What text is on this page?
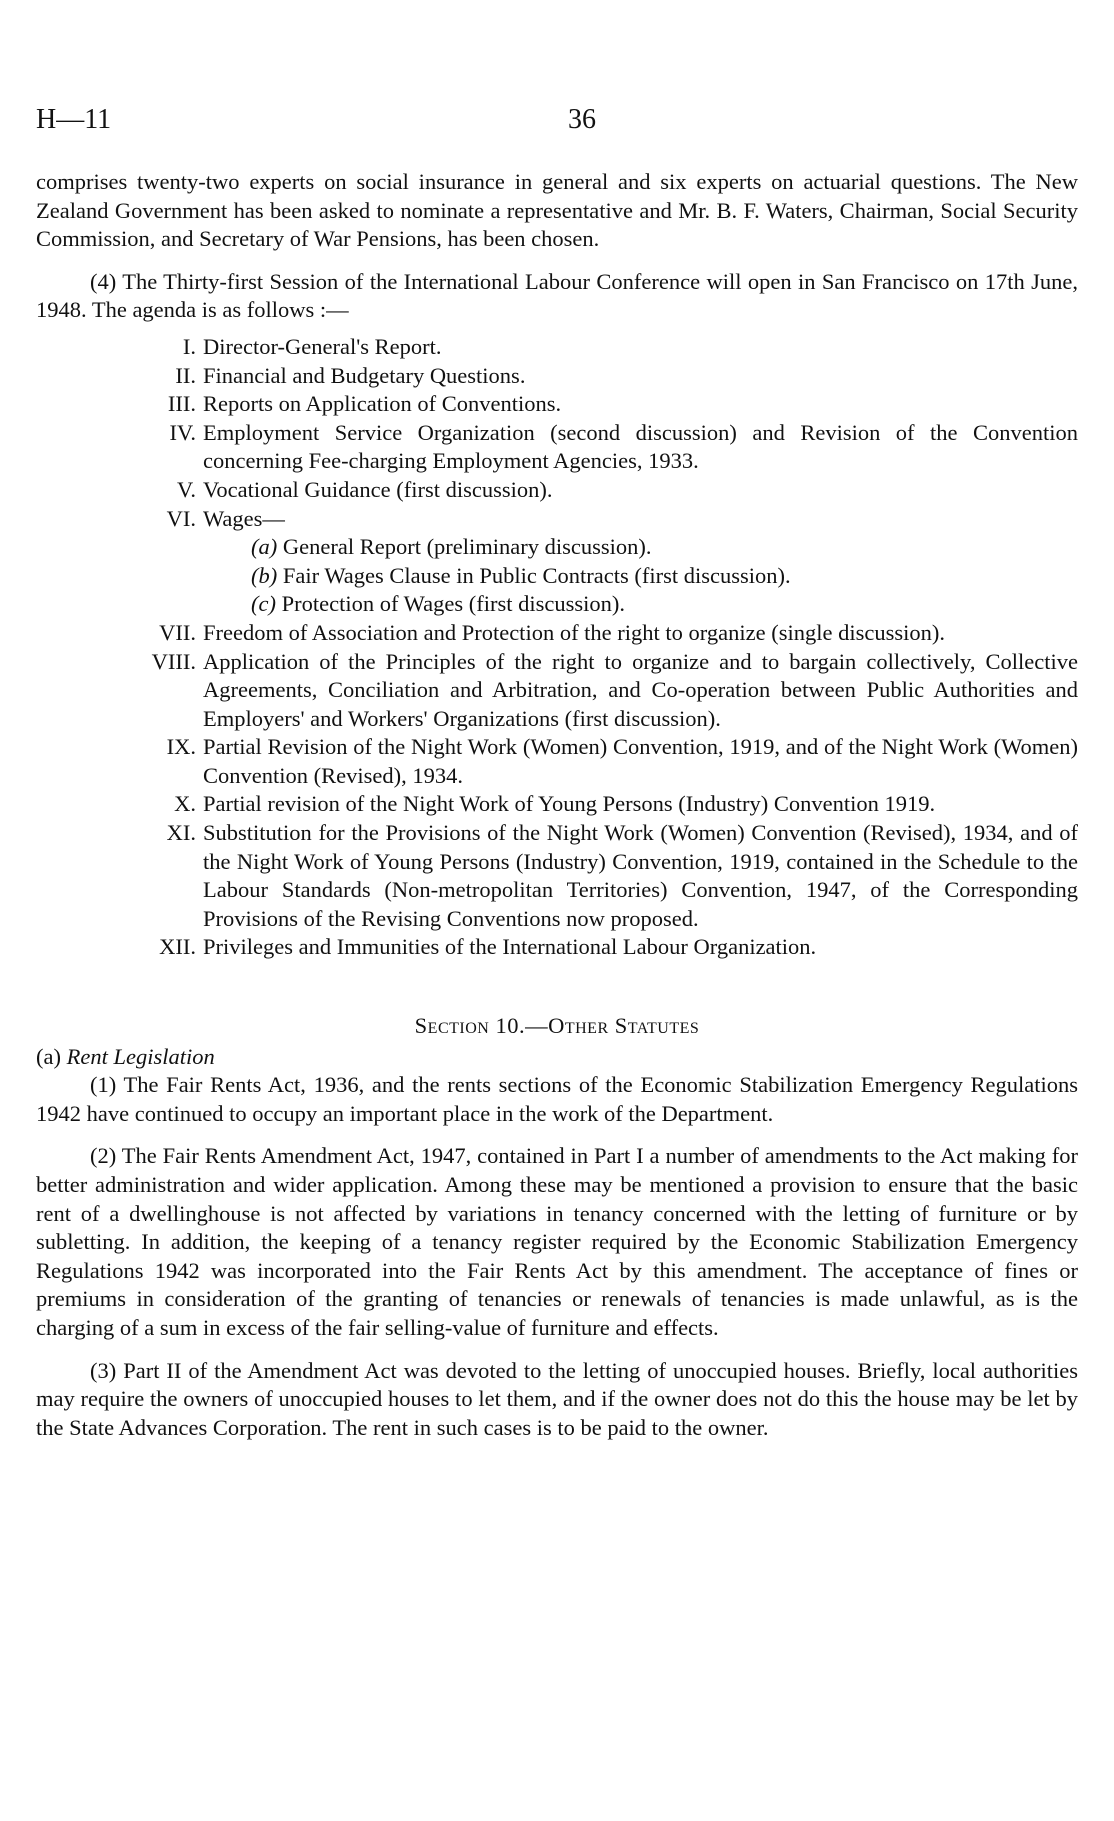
H—11	36

comprises twenty-two experts on social insurance in general and six experts on actuarial questions. The New Zealand Government has been asked to nominate a representative and Mr. B. F. Waters, Chairman, Social Security Commission, and Secretary of War Pensions, has been chosen.

(4) The Thirty-first Session of the International Labour Conference will open in San Francisco on 17th June, 1948. The agenda is as follows :—

I. Director-General's Report.
II. Financial and Budgetary Questions.
III. Reports on Application of Conventions.
IV. Employment Service Organization (second discussion) and Revision of the Convention concerning Fee-charging Employment Agencies, 1933.
V. Vocational Guidance (first discussion).
VI. Wages—
(a) General Report (preliminary discussion).
(b) Fair Wages Clause in Public Contracts (first discussion).
(c) Protection of Wages (first discussion).
VII. Freedom of Association and Protection of the right to organize (single discussion).
VIII. Application of the Principles of the right to organize and to bargain collectively, Collective Agreements, Conciliation and Arbitration, and Co-operation between Public Authorities and Employers' and Workers' Organizations (first discussion).
IX. Partial Revision of the Night Work (Women) Convention, 1919, and of the Night Work (Women) Convention (Revised), 1934.
X. Partial revision of the Night Work of Young Persons (Industry) Convention 1919.
XI. Substitution for the Provisions of the Night Work (Women) Convention (Revised), 1934, and of the Night Work of Young Persons (Industry) Convention, 1919, contained in the Schedule to the Labour Standards (Non-metropolitan Territories) Convention, 1947, of the Corresponding Provisions of the Revising Conventions now proposed.
XII. Privileges and Immunities of the International Labour Organization.

Section 10.—Other Statutes

(a) Rent Legislation

(1) The Fair Rents Act, 1936, and the rents sections of the Economic Stabilization Emergency Regulations 1942 have continued to occupy an important place in the work of the Department.

(2) The Fair Rents Amendment Act, 1947, contained in Part I a number of amendments to the Act making for better administration and wider application. Among these may be mentioned a provision to ensure that the basic rent of a dwellinghouse is not affected by variations in tenancy concerned with the letting of furniture or by subletting. In addition, the keeping of a tenancy register required by the Economic Stabilization Emergency Regulations 1942 was incorporated into the Fair Rents Act by this amendment. The acceptance of fines or premiums in consideration of the granting of tenancies or renewals of tenancies is made unlawful, as is the charging of a sum in excess of the fair selling-value of furniture and effects.

(3) Part II of the Amendment Act was devoted to the letting of unoccupied houses. Briefly, local authorities may require the owners of unoccupied houses to let them, and if the owner does not do this the house may be let by the State Advances Corporation. The rent in such cases is to be paid to the owner.
